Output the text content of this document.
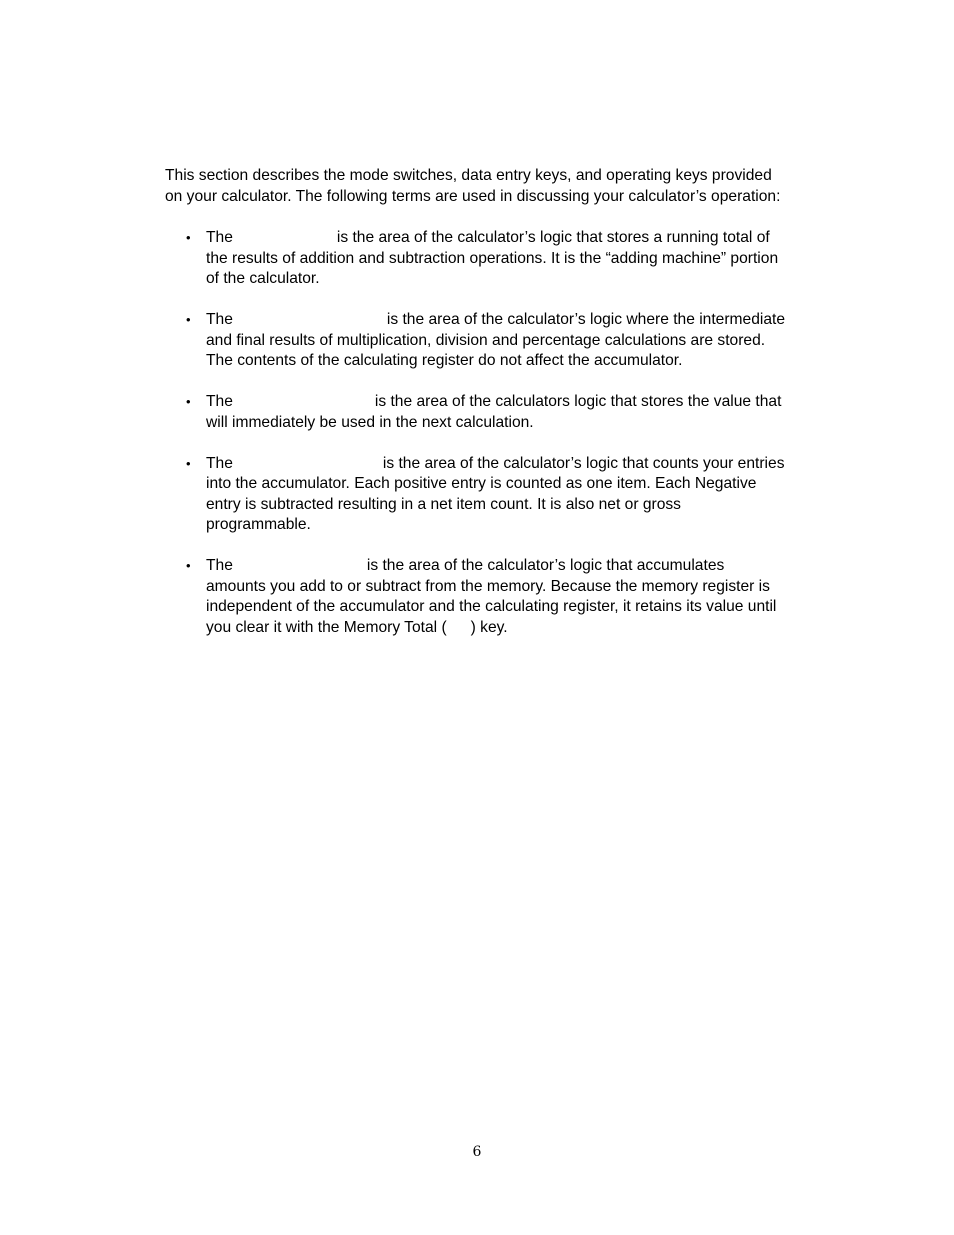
This section describes the mode switches, data entry keys, and operating keys provided
on your calculator. The following terms are used in discussing your calculator’s operation:
• The	is the area of the calculator’s logic that stores a running total of
the results of addition and subtraction operations. It is the “adding machine” portion
of the calculator.
• The	is the area of the calculator’s logic where the intermediate
and final results of multiplication, division and percentage calculations are stored.
The contents of the calculating register do not affect the accumulator.
• The	is the area of the calculators logic that stores the value that
will immediately be used in the next calculation.
• The	is the area of the calculator’s logic that counts your entries
into the accumulator. Each positive entry is counted as one item. Each Negative
entry is subtracted resulting in a net item count. It is also net or gross
programmable.
• The	is the area of the calculator’s logic that accumulates
amounts you add to or subtract from the memory. Because the memory register is
independent of the accumulator and the calculating register, it retains its value until
you clear it with the Memory Total ( ) key.
6
